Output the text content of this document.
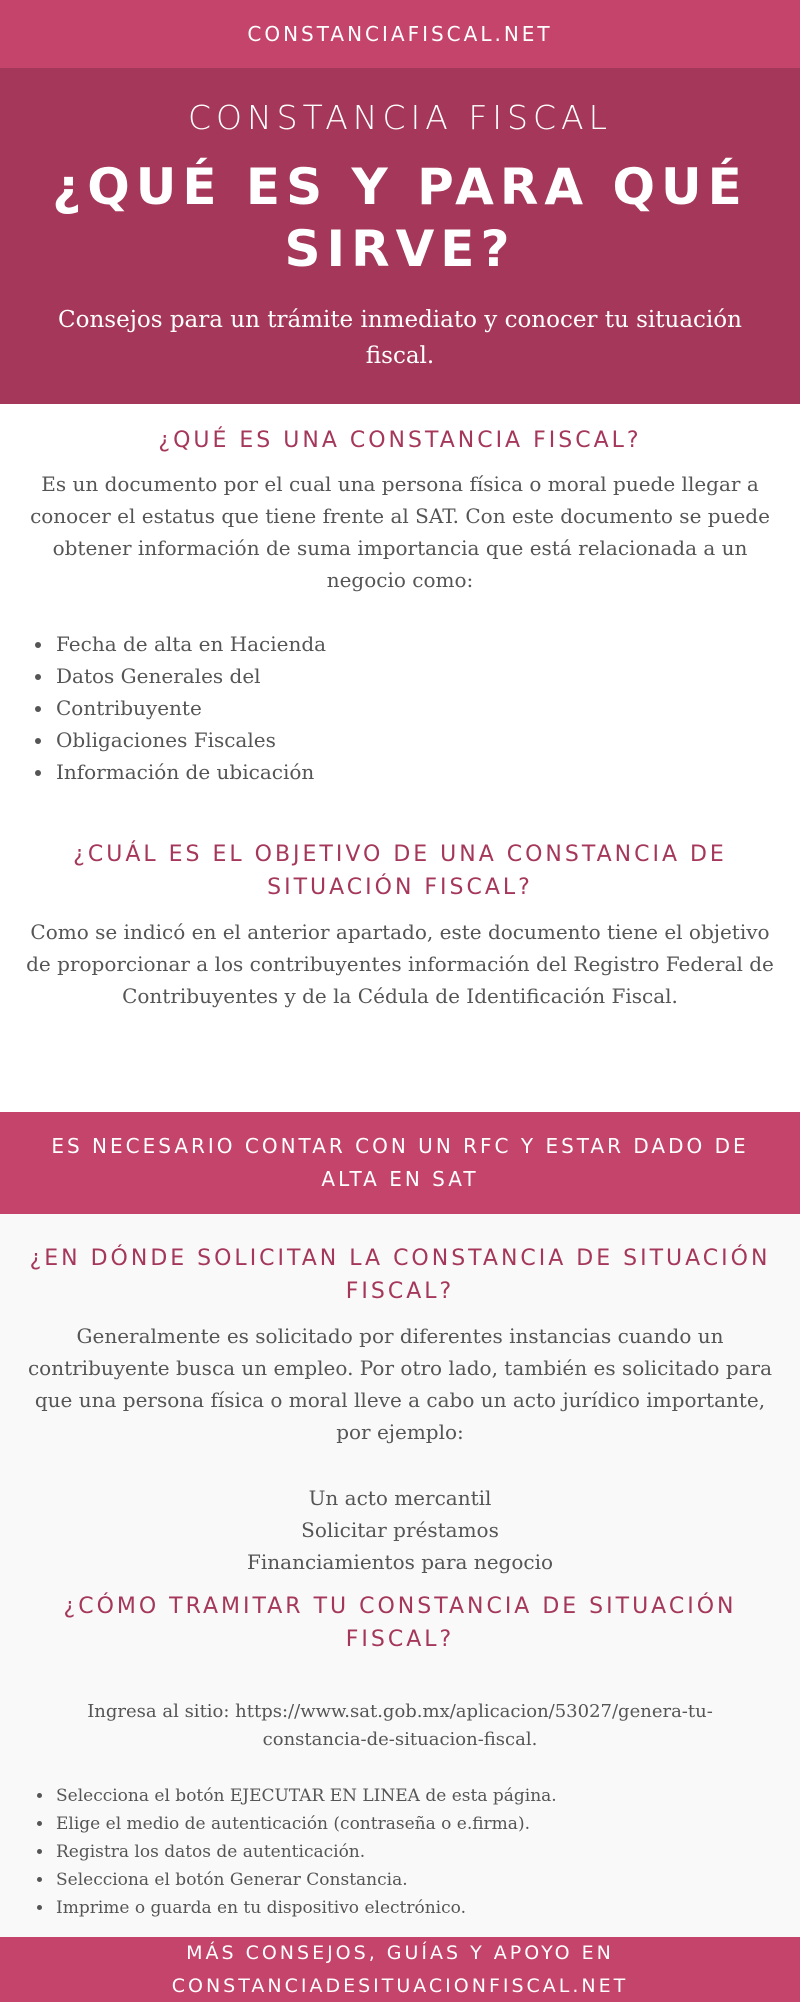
CONSTANCIAFISCAL.NET
CONSTANCIA FISCAL
¿QUÉ ES Y PARA QUÉ SIRVE?
Consejos para un trámite inmediato y conocer tu situación fiscal.
¿QUÉ ES UNA CONSTANCIA FISCAL?
Es un documento por el cual una persona física o moral puede llegar a conocer el estatus que tiene frente al SAT. Con este documento se puede obtener información de suma importancia que está relacionada a un negocio como:
• Fecha de alta en Hacienda
• Datos Generales del
• Contribuyente
• Obligaciones Fiscales
• Información de ubicación
¿CUÁL ES EL OBJETIVO DE UNA CONSTANCIA DE SITUACIÓN FISCAL?
Como se indicó en el anterior apartado, este documento tiene el objetivo de proporcionar a los contribuyentes información del Registro Federal de Contribuyentes y de la Cédula de Identificación Fiscal.
ES NECESARIO CONTAR CON UN RFC Y ESTAR DADO DE ALTA EN SAT
¿EN DÓNDE SOLICITAN LA CONSTANCIA DE SITUACIÓN FISCAL?
Generalmente es solicitado por diferentes instancias cuando un contribuyente busca un empleo. Por otro lado, también es solicitado para que una persona física o moral lleve a cabo un acto jurídico importante, por ejemplo:
Un acto mercantil
Solicitar préstamos
Financiamientos para negocio
¿CÓMO TRAMITAR TU CONSTANCIA DE SITUACIÓN FISCAL?
Ingresa al sitio: https://www.sat.gob.mx/aplicacion/53027/genera-tu-constancia-de-situacion-fiscal.
• Selecciona el botón EJECUTAR EN LINEA de esta página.
• Elige el medio de autenticación (contraseña o e.firma).
• Registra los datos de autenticación.
• Selecciona el botón Generar Constancia.
• Imprime o guarda en tu dispositivo electrónico.
MÁS CONSEJOS, GUÍAS Y APOYO EN CONSTANCIADESITUACIONFISCAL.NET
